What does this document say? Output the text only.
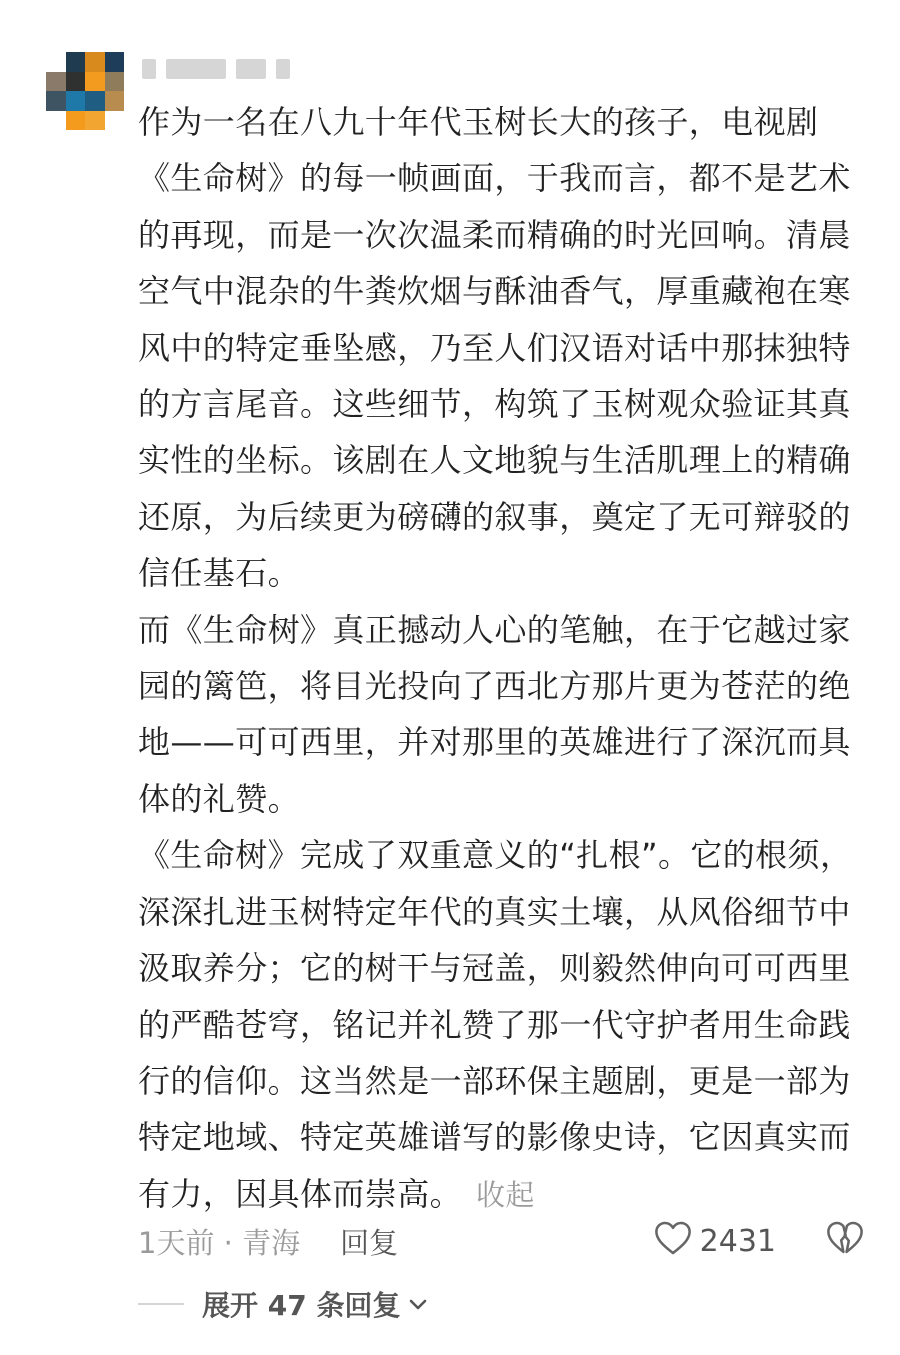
作为一名在八九十年代玉树长大的孩子，电视剧《生命树》的每一帧画面，于我而言，都不是艺术的再现，而是一次次温柔而精确的时光回响。清晨空气中混杂的牛粪炊烟与酥油香气，厚重藏袍在寒风中的特定垂坠感，乃至人们汉语对话中那抹独特的方言尾音。这些细节，构筑了玉树观众验证其真实性的坐标。该剧在人文地貌与生活肌理上的精确还原，为后续更为磅礴的叙事，奠定了无可辩驳的信任基石。

而《生命树》真正撼动人心的笔触，在于它越过家园的篱笆，将目光投向了西北方那片更为苍茫的绝地——可可西里，并对那里的英雄进行了深沉而具体的礼赞。

《生命树》完成了双重意义的“扎根”。它的根须，深深扎进玉树特定年代的真实土壤，从风俗细节中汲取养分；它的树干与冠盖，则毅然伸向可可西里的严酷苍穹，铭记并礼赞了那一代守护者用生命践行的信仰。这当然是一部环保主题剧，更是一部为特定地域、特定英雄谱写的影像史诗，它因真实而有力，因具体而崇高。 收起

1天前 · 青海 回复	2431
展开 47 条回复
